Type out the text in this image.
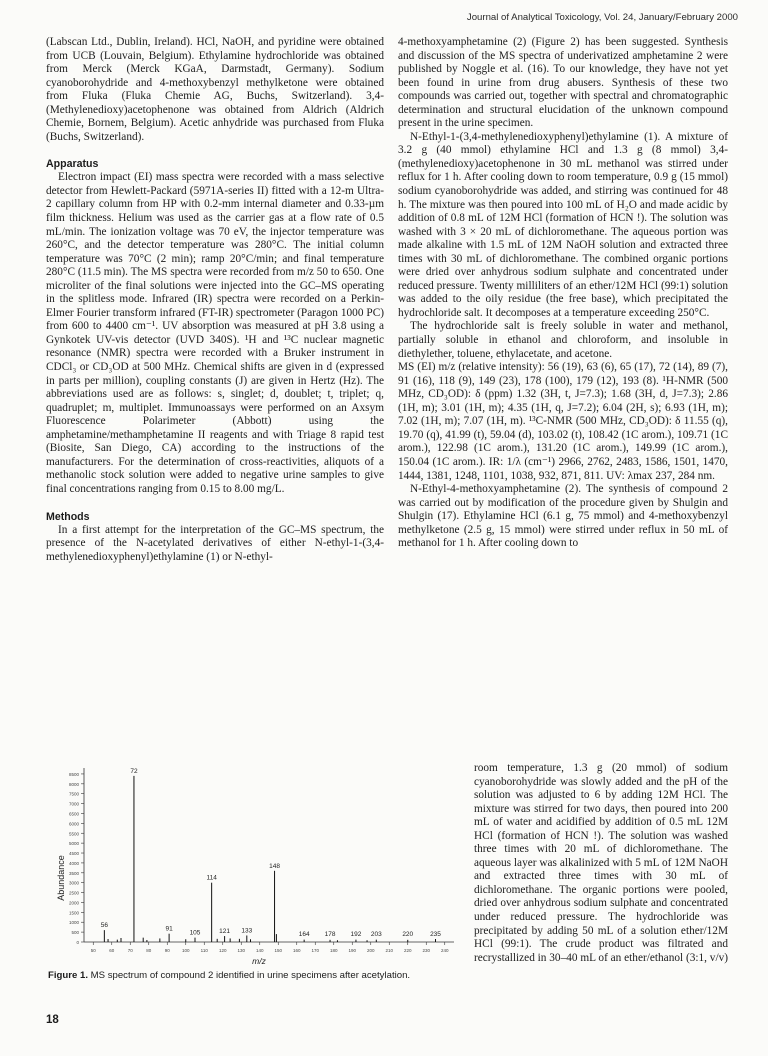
Journal of Analytical Toxicology, Vol. 24, January/February 2000

(Labscan Ltd., Dublin, Ireland). HCl, NaOH, and pyridine were obtained from UCB (Louvain, Belgium). Ethylamine hydrochloride was obtained from Merck (Merck KGaA, Darmstadt, Germany). Sodium cyanoborohydride and 4-methoxybenzyl methylketone were obtained from Fluka (Fluka Chemie AG, Buchs, Switzerland). 3,4-(Methylenedioxy)acetophenone was obtained from Aldrich (Aldrich Chemie, Bornem, Belgium). Acetic anhydride was purchased from Fluka (Buchs, Switzerland).

Apparatus

Electron impact (EI) mass spectra were recorded with a mass selective detector from Hewlett-Packard (5971A-series II) fitted with a 12-m Ultra-2 capillary column from HP with 0.2-mm internal diameter and 0.33-µm film thickness. Helium was used as the carrier gas at a flow rate of 0.5 mL/min. The ionization voltage was 70 eV, the injector temperature was 260°C, and the detector temperature was 280°C. The initial column temperature was 70°C (2 min); ramp 20°C/min; and final temperature 280°C (11.5 min). The MS spectra were recorded from m/z 50 to 650. One microliter of the final solutions were injected into the GC–MS operating in the splitless mode. Infrared (IR) spectra were recorded on a Perkin-Elmer Fourier transform infrared (FT-IR) spectrometer (Paragon 1000 PC) from 600 to 4400 cm⁻¹. UV absorption was measured at pH 3.8 using a Gynkotek UV-vis detector (UVD 340S). ¹H and ¹³C nuclear magnetic resonance (NMR) spectra were recorded with a Bruker instrument in CDCl₃ or CD₃OD at 500 MHz. Chemical shifts are given in d (expressed in parts per million), coupling constants (J) are given in Hertz (Hz). The abbreviations used are as follows: s, singlet; d, doublet; t, triplet; q, quadruplet; m, multiplet. Immunoassays were performed on an Axsym Fluorescence Polarimeter (Abbott) using the amphetamine/methamphetamine II reagents and with Triage 8 rapid test (Biosite, San Diego, CA) according to the instructions of the manufacturers. For the determination of cross-reactivities, aliquots of a methanolic stock solution were added to negative urine samples to give final concentrations ranging from 0.15 to 8.00 mg/L.

Methods

In a first attempt for the interpretation of the GC–MS spectrum, the presence of the N-acetylated derivatives of either N-ethyl-1-(3,4-methylenedioxyphenyl)ethylamine (1) or N-ethyl-

4-methoxyamphetamine (2) (Figure 2) has been suggested. Synthesis and discussion of the MS spectra of underivatized amphetamine 2 were published by Noggle et al. (16). To our knowledge, they have not yet been found in urine from drug abusers. Synthesis of these two compounds was carried out, together with spectral and chromatographic determination and structural elucidation of the unknown compound present in the urine specimen.

N-Ethyl-1-(3,4-methylenedioxyphenyl)ethylamine (1). A mixture of 3.2 g (40 mmol) ethylamine HCl and 1.3 g (8 mmol) 3,4-(methylenedioxy)acetophenone in 30 mL methanol was stirred under reflux for 1 h. After cooling down to room temperature, 0.9 g (15 mmol) sodium cyanoborohydride was added, and stirring was continued for 48 h. The mixture was then poured into 100 mL of H₂O and made acidic by addition of 0.8 mL of 12M HCl (formation of HCN !). The solution was washed with 3 × 20 mL of dichloromethane. The aqueous portion was made alkaline with 1.5 mL of 12M NaOH solution and extracted three times with 30 mL of dichloromethane. The combined organic portions were dried over anhydrous sodium sulphate and concentrated under reduced pressure. Twenty milliliters of an ether/12M HCl (99:1) solution was added to the oily residue (the free base), which precipitated the hydrochloride salt. It decomposes at a temperature exceeding 250°C.

The hydrochloride salt is freely soluble in water and methanol, partially soluble in ethanol and chloroform, and insoluble in diethylether, toluene, ethylacetate, and acetone.

MS (EI) m/z (relative intensity): 56 (19), 63 (6), 65 (17), 72 (14), 89 (7), 91 (16), 118 (9), 149 (23), 178 (100), 179 (12), 193 (8). ¹H-NMR (500 MHz, CD₃OD): δ (ppm) 1.32 (3H, t, J=7.3); 1.68 (3H, d, J=7.3); 2.86 (1H, m); 3.01 (1H, m); 4.35 (1H, q, J=7.2); 6.04 (2H, s); 6.93 (1H, m); 7.02 (1H, m); 7.07 (1H, m). ¹³C-NMR (500 MHz, CD₃OD): δ 11.55 (q), 19.70 (q), 41.99 (t), 59.04 (d), 103.02 (t), 108.42 (1C arom.), 109.71 (1C arom.), 122.98 (1C arom.), 131.20 (1C arom.), 149.99 (1C arom.), 150.04 (1C arom.). IR: 1/λ (cm⁻¹) 2966, 2762, 2483, 1586, 1501, 1470, 1444, 1381, 1248, 1101, 1038, 932, 871, 811. UV: λmax 237, 284 nm.

N-Ethyl-4-methoxyamphetamine (2). The synthesis of compound 2 was carried out by modification of the procedure given by Shulgin and Shulgin (17). Ethylamine HCl (6.1 g, 75 mmol) and 4-methoxybenzyl methylketone (2.5 g, 15 mmol) were stirred under reflux in 50 mL of methanol for 1 h. After cooling down to

room temperature, 1.3 g (20 mmol) of sodium cyanoborohydride was slowly added and the pH of the solution was adjusted to 6 by adding 12M HCl. The mixture was stirred for two days, then poured into 200 mL of water and acidified by addition of 0.5 mL 12M HCl (formation of HCN !). The solution was washed three times with 20 mL of dichloromethane. The aqueous layer was alkalinized with 5 mL of 12M NaOH and extracted three times with 30 mL of dichloromethane. The organic portions were pooled, dried over anhydrous sodium sulphate and concentrated under reduced pressure. The hydrochloride was precipitated by adding 50 mL of a solution ether/12M HCl (99:1). The crude product was filtrated and recrystallized in 30–40 mL of an ether/ethanol (3:1, v/v)

Abundance
m/z
8500
8000
7500
7000
6500
6000
5500
5000
4500
4000
3500
3000
2500
2000
1500
1000
500
0
50	60	70	80	90	100 110 120 130 140 150 160 170 180 190 200 210 220 230 240
72
148
114
56
91
105	121 133
164 178 192 203	220	235
Figure 1. MS spectrum of compound 2 identified in urine specimens after acetylation.
18
